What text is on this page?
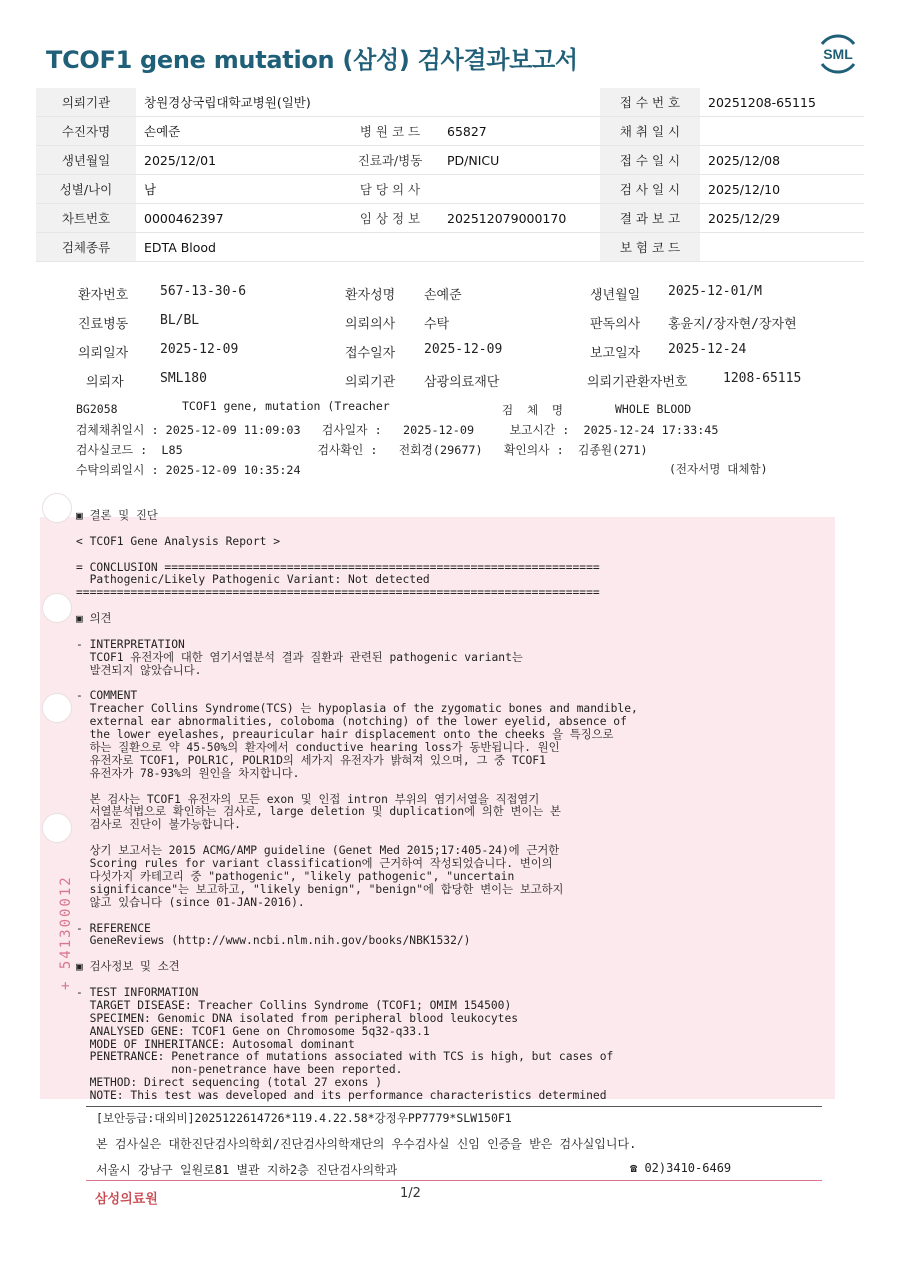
TCOF1 gene mutation (삼성) 검사결과보고서	SML
의뢰기관	창원경상국립대학교병원(일반)			접 수 번 호	20251208-65115
수진자명	손예준	병 원 코 드	65827	채 취 일 시	
생년월일	2025/12/01	진료과/병동	PD/NICU	접 수 일 시	2025/12/08
성별/나이	남	담 당 의 사		검 사 일 시	2025/12/10
차트번호	0000462397	임 상 정 보	202512079000170	결 과 보 고	2025/12/29
검체종류	EDTA Blood			보 험 코 드	
환자번호 567-13-30-6	환자성명 손예준	생년월일 2025-12-01/M
진료병동 BL/BL	의뢰의사 수탁	판독의사 홍윤지/장자현/장자현
의뢰일자 2025-12-09	접수일자 2025-12-09	보고일자 2025-12-24
의뢰자	SML180	의뢰기관 삼광의료재단	의뢰기관환자번호	1208-65115
BG2058	TCOF1 gene, mutation (Treacher	검  체  명	WHOLE BLOOD
검체채취일시 : 2025-12-09 11:09:03   검사일자 :   2025-12-09     보고시간 :  2025-12-24 17:33:45
검사실코드 :  L85                   검사확인 :   전회경(29677)   확인의사 :  김종원(271)
수탁의뢰일시 : 2025-12-09 10:35:24	(전자서명 대체함)
▣ 결론 및 진단
< TCOF1 Gene Analysis Report >
= CONCLUSION ================================================================
Pathogenic/Likely Pathogenic Variant: Not detected
=============================================================================
▣ 의견
- INTERPRETATION
TCOF1 유전자에 대한 염기서열분석 결과 질환과 관련된 pathogenic variant는
발견되지 않았습니다.
- COMMENT
Treacher Collins Syndrome(TCS) 는 hypoplasia of the zygomatic bones and mandible,
external ear abnormalities, coloboma (notching) of the lower eyelid, absence of
the lower eyelashes, preauricular hair displacement onto the cheeks 을 특징으로
하는 질환으로 약 45-50%의 환자에서 conductive hearing loss가 동반됩니다. 원인
유전자로 TCOF1, POLR1C, POLR1D의 세가지 유전자가 밝혀져 있으며, 그 중 TCOF1
유전자가 78-93%의 원인을 차지합니다.
본 검사는 TCOF1 유전자의 모든 exon 및 인접 intron 부위의 염기서열을 직접염기
서열분석법으로 확인하는 검사로, large deletion 및 duplication에 의한 변이는 본
검사로 진단이 불가능합니다.
상기 보고서는 2015 ACMG/AMP guideline (Genet Med 2015;17:405-24)에 근거한
Scoring rules for variant classification에 근거하여 작성되었습니다. 변이의
다섯가지 카테고리 중 "pathogenic", "likely pathogenic", "uncertain
significance"는 보고하고, "likely benign", "benign"에 합당한 변이는 보고하지
않고 있습니다 (since 01-JAN-2016).
- REFERENCE
GeneReviews (http://www.ncbi.nlm.nih.gov/books/NBK1532/)
▣ 검사정보 및 소견
- TEST INFORMATION
TARGET DISEASE: Treacher Collins Syndrome (TCOF1; OMIM 154500)
SPECIMEN: Genomic DNA isolated from peripheral blood leukocytes
ANALYSED GENE: TCOF1 Gene on Chromosome 5q32-q33.1
MODE OF INHERITANCE: Autosomal dominant
PENETRANCE: Penetrance of mutations associated with TCS is high, but cases of
non-penetrance have been reported.
METHOD: Direct sequencing (total 27 exons )
NOTE: This test was developed and its performance characteristics determined
+ 541300012
[보안등급:대외비]2025122614726*119.4.22.58*강정우PP7779*SLW150F1
본 검사실은 대한진단검사의학회/진단검사의학재단의 우수검사실 신임 인증을 받은 검사실입니다.
서울시 강남구 일원로81 별관 지하2층 진단검사의학과	☎ 02)3410-6469
삼성의료원	1/2
